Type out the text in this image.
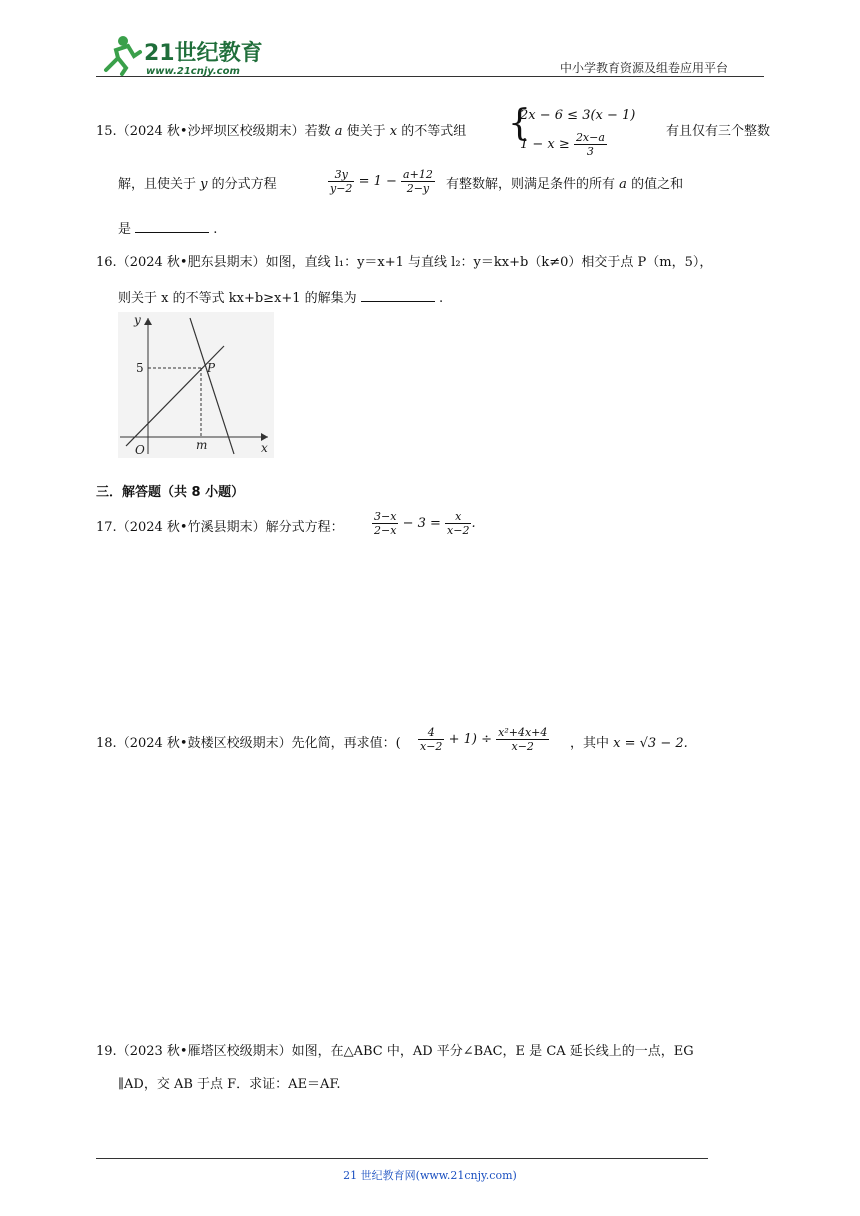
21世纪教育
www.21cnjy.com	中小学教育资源及组卷应用平台
15.（2024 秋•沙坪坝区校级期末）若数 a 使关于 x 的不等式组 {
2x − 6 ≤ 3(x − 1)
$1 - x \ge \frac{2x-a}{3}$	有且仅有三个整数
解，且使关于 y 的分式方程	$\frac{3y}{y-2} = 1 - \frac{a+12}{2-y}$ 有整数解，则满足条件的所有 a 的值之和
是	.
16.（2024 秋•肥东县期末）如图，直线 l₁：y＝x+1 与直线 l₂：y＝kx+b（k≠0）相交于点 P（m，5），
则关于 x 的不等式 kx+b≥x+1 的解集为	.
y
x
O
5
m
P
三．解答题（共 8 小题）
17.（2024 秋•竹溪县期末）解分式方程：	$\frac{3-x}{2-x} - 3 = \frac{x}{x-2}$ .
18.（2024 秋•鼓楼区校级期末）先化简，再求值：( $\frac{4}{x-2} + 1) \div \frac{\text{x²+4x+4}}{x-2}$ ，其中 x = √3 − 2.
19.（2023 秋•雁塔区校级期末）如图，在△ABC 中，AD 平分∠BAC，E 是 CA 延长线上的一点，EG
∥AD，交 AB 于点 F．求证：AE＝AF.
21 世纪教育网(www.21cnjy.com)
